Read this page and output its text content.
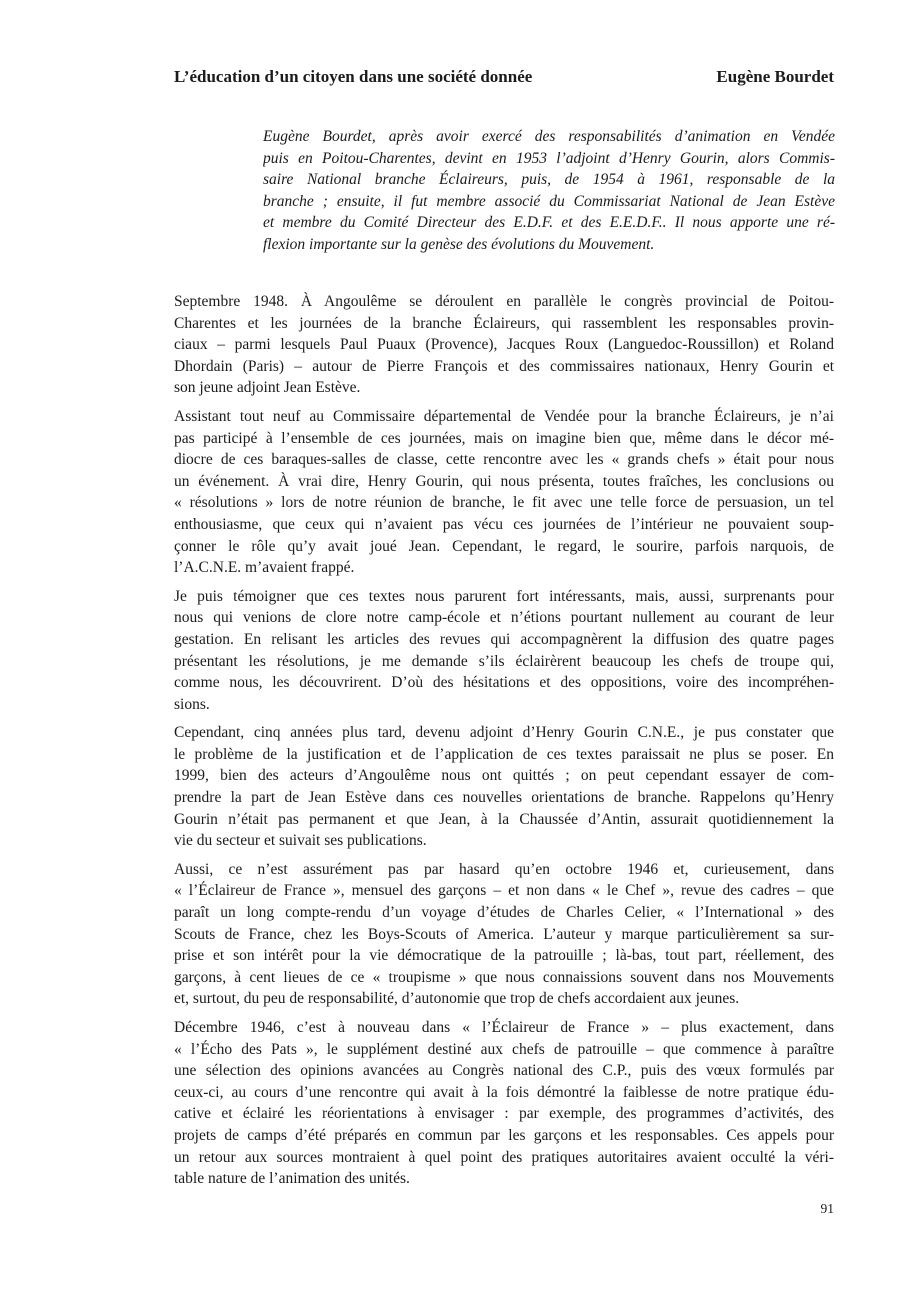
L’éducation d’un citoyen dans une société donnée	Eugène Bourdet
Eugène Bourdet, après avoir exercé des responsabilités d’animation en Vendée
puis en Poitou-Charentes, devint en 1953 l’adjoint d’Henry Gourin, alors Commis-
saire National branche Éclaireurs, puis, de 1954 à 1961, responsable de la
branche ; ensuite, il fut membre associé du Commissariat National de Jean Estève
et membre du Comité Directeur des E.D.F. et des E.E.D.F.. Il nous apporte une ré-
flexion importante sur la genèse des évolutions du Mouvement.
Septembre 1948. À Angoulême se déroulent en parallèle le congrès provincial de Poitou-
Charentes et les journées de la branche Éclaireurs, qui rassemblent les responsables provin-
ciaux – parmi lesquels Paul Puaux (Provence), Jacques Roux (Languedoc-Roussillon) et Roland
Dhordain (Paris) – autour de Pierre François et des commissaires nationaux, Henry Gourin et
son jeune adjoint Jean Estève.
Assistant tout neuf au Commissaire départemental de Vendée pour la branche Éclaireurs, je n’ai
pas participé à l’ensemble de ces journées, mais on imagine bien que, même dans le décor mé-
diocre de ces baraques-salles de classe, cette rencontre avec les « grands chefs » était pour nous
un événement. À vrai dire, Henry Gourin, qui nous présenta, toutes fraîches, les conclusions ou
« résolutions » lors de notre réunion de branche, le fit avec une telle force de persuasion, un tel
enthousiasme, que ceux qui n’avaient pas vécu ces journées de l’intérieur ne pouvaient soup-
çonner le rôle qu’y avait joué Jean. Cependant, le regard, le sourire, parfois narquois, de
l’A.C.N.E. m’avaient frappé.
Je puis témoigner que ces textes nous parurent fort intéressants, mais, aussi, surprenants pour
nous qui venions de clore notre camp-école et n’étions pourtant nullement au courant de leur
gestation. En relisant les articles des revues qui accompagnèrent la diffusion des quatre pages
présentant les résolutions, je me demande s’ils éclairèrent beaucoup les chefs de troupe qui,
comme nous, les découvrirent. D’où des hésitations et des oppositions, voire des incompréhen-
sions.
Cependant, cinq années plus tard, devenu adjoint d’Henry Gourin C.N.E., je pus constater que
le problème de la justification et de l’application de ces textes paraissait ne plus se poser. En
1999, bien des acteurs d’Angoulême nous ont quittés ; on peut cependant essayer de com-
prendre la part de Jean Estève dans ces nouvelles orientations de branche. Rappelons qu’Henry
Gourin n’était pas permanent et que Jean, à la Chaussée d’Antin, assurait quotidiennement la
vie du secteur et suivait ses publications.
Aussi, ce n’est assurément pas par hasard qu’en octobre 1946 et, curieusement, dans
« l’Éclaireur de France », mensuel des garçons – et non dans « le Chef », revue des cadres – que
paraît un long compte-rendu d’un voyage d’études de Charles Celier, « l’International » des
Scouts de France, chez les Boys-Scouts of America. L’auteur y marque particulièrement sa sur-
prise et son intérêt pour la vie démocratique de la patrouille ; là-bas, tout part, réellement, des
garçons, à cent lieues de ce « troupisme » que nous connaissions souvent dans nos Mouvements
et, surtout, du peu de responsabilité, d’autonomie que trop de chefs accordaient aux jeunes.
Décembre 1946, c’est à nouveau dans « l’Éclaireur de France » – plus exactement, dans
« l’Écho des Pats », le supplément destiné aux chefs de patrouille – que commence à paraître
une sélection des opinions avancées au Congrès national des C.P., puis des vœux formulés par
ceux-ci, au cours d’une rencontre qui avait à la fois démontré la faiblesse de notre pratique édu-
cative et éclairé les réorientations à envisager : par exemple, des programmes d’activités, des
projets de camps d’été préparés en commun par les garçons et les responsables. Ces appels pour
un retour aux sources montraient à quel point des pratiques autoritaires avaient occulté la véri-
table nature de l’animation des unités.
91
